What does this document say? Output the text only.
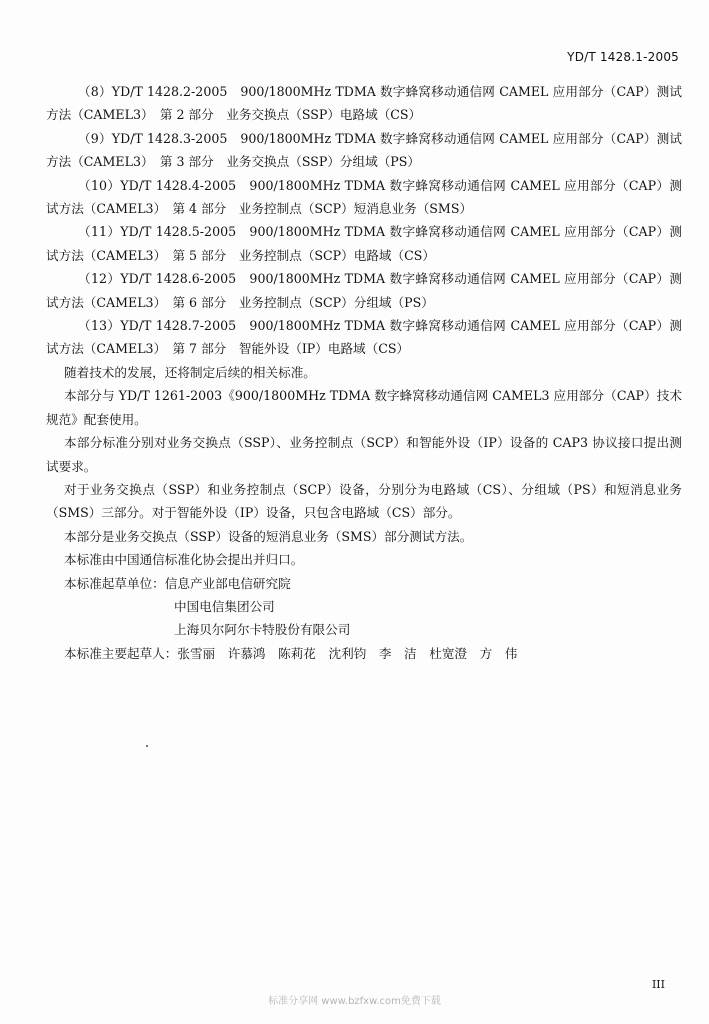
YD/T 1428.1-2005

（8）YD/T 1428.2-2005　900/1800MHz TDMA 数字蜂窝移动通信网 CAMEL 应用部分（CAP）测试方法（CAMEL3）　第 2 部分　业务交换点（SSP）电路域（CS）

（9）YD/T 1428.3-2005　900/1800MHz TDMA 数字蜂窝移动通信网 CAMEL 应用部分（CAP）测试方法（CAMEL3）　第 3 部分　业务交换点（SSP）分组域（PS）

（10）YD/T 1428.4-2005　900/1800MHz TDMA 数字蜂窝移动通信网 CAMEL 应用部分（CAP）测试方法（CAMEL3）　第 4 部分　业务控制点（SCP）短消息业务（SMS）

（11）YD/T 1428.5-2005　900/1800MHz TDMA 数字蜂窝移动通信网 CAMEL 应用部分（CAP）测试方法（CAMEL3）　第 5 部分　业务控制点（SCP）电路域（CS）

（12）YD/T 1428.6-2005　900/1800MHz TDMA 数字蜂窝移动通信网 CAMEL 应用部分（CAP）测试方法（CAMEL3）　第 6 部分　业务控制点（SCP）分组域（PS）

（13）YD/T 1428.7-2005　900/1800MHz TDMA 数字蜂窝移动通信网 CAMEL 应用部分（CAP）测试方法（CAMEL3）　第 7 部分　智能外设（IP）电路域（CS）

随着技术的发展，还将制定后续的相关标准。

本部分与 YD/T 1261-2003《900/1800MHz TDMA 数字蜂窝移动通信网 CAMEL3 应用部分（CAP）技术规范》配套使用。

本部分标准分别对业务交换点（SSP）、业务控制点（SCP）和智能外设（IP）设备的 CAP3 协议接口提出测试要求。

对于业务交换点（SSP）和业务控制点（SCP）设备，分别分为电路域（CS）、分组域（PS）和短消息业务（SMS）三部分。对于智能外设（IP）设备，只包含电路域（CS）部分。

本部分是业务交换点（SSP）设备的短消息业务（SMS）部分测试方法。

本标准由中国通信标准化协会提出并归口。

本标准起草单位：信息产业部电信研究院

中国电信集团公司

上海贝尔阿尔卡特股份有限公司

本标准主要起草人：张雪丽　许慕鸿　陈莉花　沈利钧　李　洁　杜宽澄　方　伟

III
标准分享网 www.bzfxw.com免费下载
